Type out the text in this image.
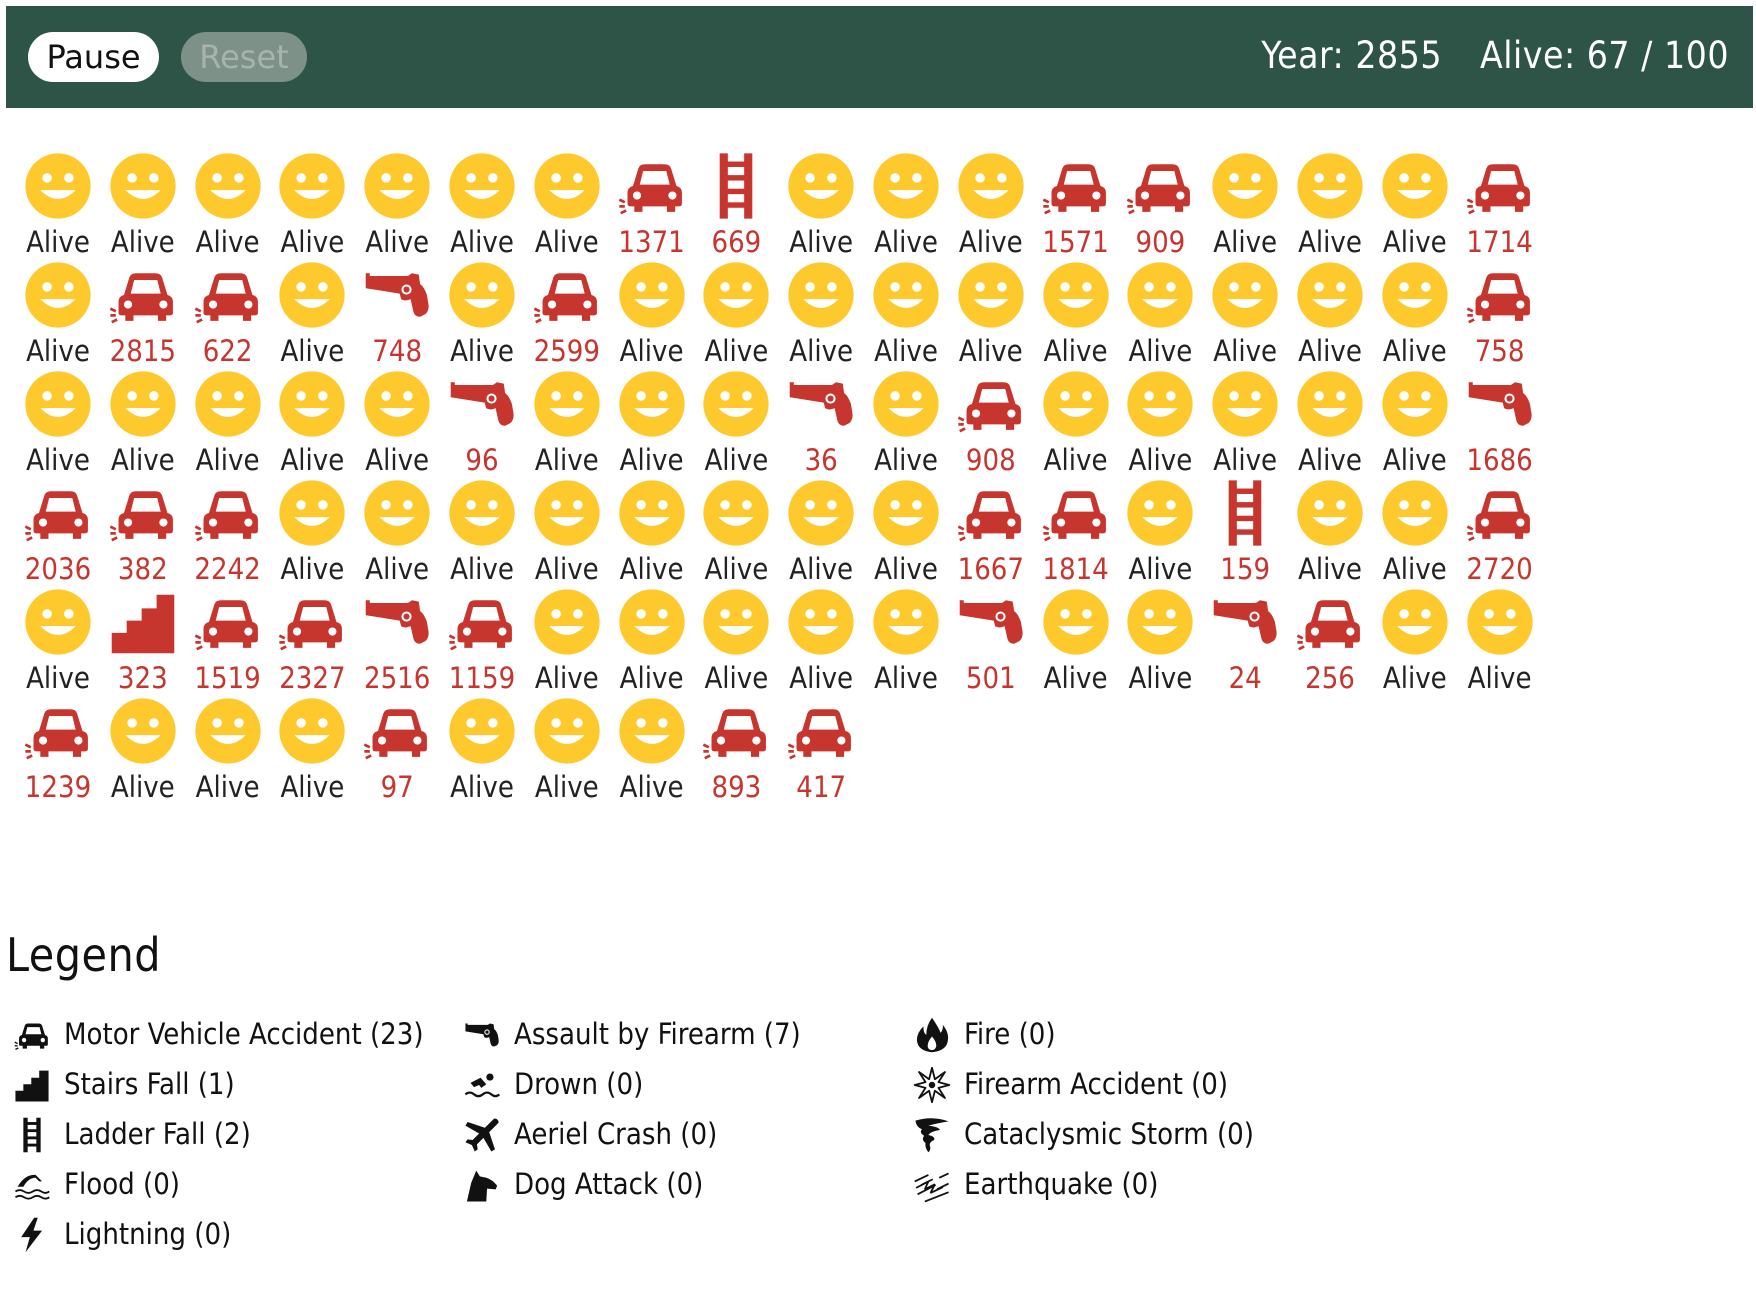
Pause	Reset	Year: 2855 Alive: 67 / 100
Alive Alive Alive Alive Alive Alive Alive 1371 669 Alive Alive Alive 1571 909 Alive Alive Alive 1714
Alive 2815 622 Alive 748 Alive 2599 Alive Alive Alive Alive Alive Alive Alive Alive Alive Alive 758
Alive Alive Alive Alive Alive	96	Alive Alive Alive	36	Alive 908 Alive Alive Alive Alive Alive 1686
2036 382 2242 Alive Alive Alive Alive Alive Alive Alive Alive 1667 1814 Alive 159 Alive Alive 2720
Alive 323 1519 2327 2516 1159 Alive Alive Alive Alive Alive 501 Alive Alive	24	256 Alive Alive
1239 Alive Alive Alive	97	Alive Alive Alive 893	417
Legend
Motor Vehicle Accident (23)
Stairs Fall (1)
Ladder Fall (2)
Flood (0)
Lightning (0)
Assault by Firearm (7)
Drown (0)
Aeriel Crash (0)
Dog Attack (0)
Fire (0)
Firearm Accident (0)
Cataclysmic Storm (0)
Earthquake (0)
